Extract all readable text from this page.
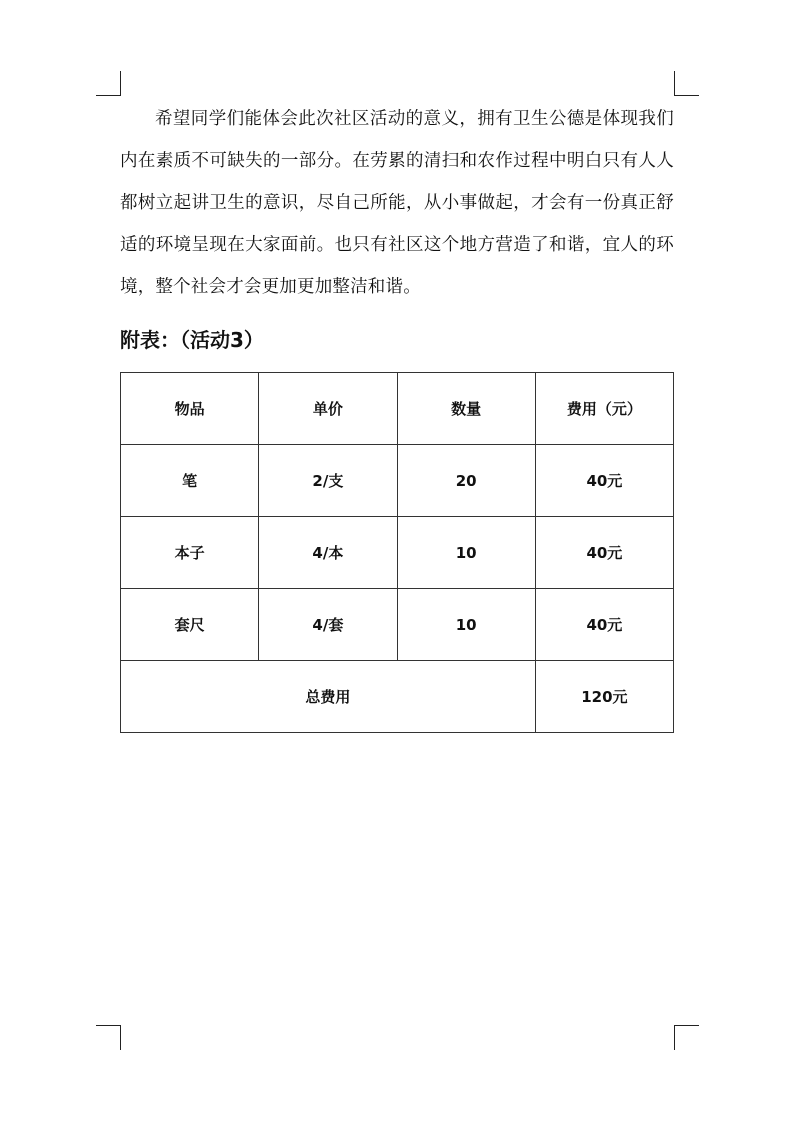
希望同学们能体会此次社区活动的意义，拥有卫生公德是体现我们内在素质不可缺失的一部分。在劳累的清扫和农作过程中明白只有人人都树立起讲卫生的意识，尽自己所能，从小事做起，才会有一份真正舒适的环境呈现在大家面前。也只有社区这个地方营造了和谐，宜人的环境，整个社会才会更加更加整洁和谐。

附表：（活动3）
物品	单价	数量	费用（元）
笔	2/支	20	40元
本子	4/本	10	40元
套尺	4/套	10	40元
总费用			120元
